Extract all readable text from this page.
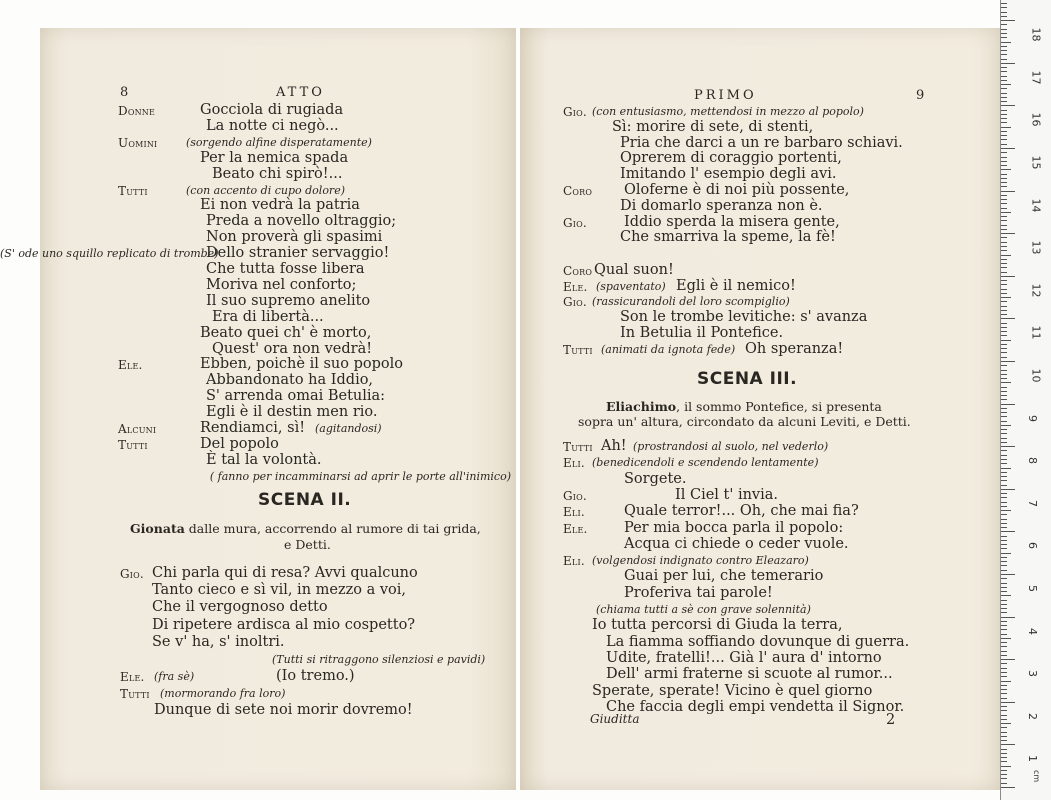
8	ATTO
Donne	Gocciola di rugiada
La notte ci negò...
Uomini	(sorgendo alfine disperatamente)
Per la nemica spada
Beato chi spirò!...
Tutti	(con accento di cupo dolore)
Ei non vedrà la patria
Preda a novello oltraggio;
Non proverà gli spasimi
Dello stranier servaggio!
Che tutta fosse libera
Moriva nel conforto;
Il suo supremo anelito
Era di libertà...
Beato quei ch' è morto,
Quest' ora non vedrà!
Ele.	Ebben, poichè il suo popolo
Abbandonato ha Iddio,
S' arrenda omai Betulia:
Egli è il destin men rio.
Alcuni	Rendiamci, sì! (agitandosi)
Tutti	Del popolo
È tal la volontà.
( fanno per incamminarsi ad aprir le porte all'inimico)
SCENA II.
Gionata dalle mura, accorrendo al rumore di tai grida,
e Detti.
Gio. Chi parla qui di resa? Avvi qualcuno
Tanto cieco e sì vil, in mezzo a voi,
Che il vergognoso detto
Di ripetere ardisca al mio cospetto?
Se v' ha, s' inoltri.
(Tutti si ritraggono silenziosi e pavidi)
Ele. (fra sè)	(Io tremo.)
Tutti (mormorando fra loro)
Dunque di sete noi morir dovremo!
PRIMO	9
Gio. (con entusiasmo, mettendosi in mezzo al popolo)
Sì: morire di sete, di stenti,
Pria che darci a un re barbaro schiavi.
Oprerem di coraggio portenti,
Imitando l' esempio degli avi.
Coro Oloferne è di noi più possente,
Di domarlo speranza non è.
Gio.	Iddio sperda la misera gente,
Che smarriva la speme, la fè!
(S' ode uno squillo replicato di trombe)
Coro Qual suon!
Ele. (spaventato) Egli è il nemico!
Gio. (rassicurandoli del loro scompiglio)
Son le trombe levitiche: s' avanza
In Betulia il Pontefice.
Tutti (animati da ignota fede) Oh speranza!
SCENA III.
Eliachimo, il sommo Pontefice, si presenta
sopra un' altura, circondato da alcuni Leviti, e Detti.
Tutti Ah! (prostrandosi al suolo, nel vederlo)
Eli. (benedicendoli e scendendo lentamente)
Sorgete.
Gio.	Il Ciel t' invia.
Eli.	Quale terror!... Oh, che mai fia?
Ele.	Per mia bocca parla il popolo:
Acqua ci chiede o ceder vuole.
Eli. (volgendosi indignato contro Eleazaro)
Guai per lui, che temerario
Proferiva tai parole!
(chiama tutti a sè con grave solennità)
Io tutta percorsi di Giuda la terra,
La fiamma soffiando dovunque di guerra.
Udite, fratelli!... Già l' aura d' intorno
Dell' armi fraterne si scuote al rumor...
Sperate, sperate! Vicino è quel giorno
Che faccia degli empi vendetta il Signor.
Giuditta	2
18
17
16
15
14
13
12
11
10
9
8
7
6
5
4
3
2
1
cm
